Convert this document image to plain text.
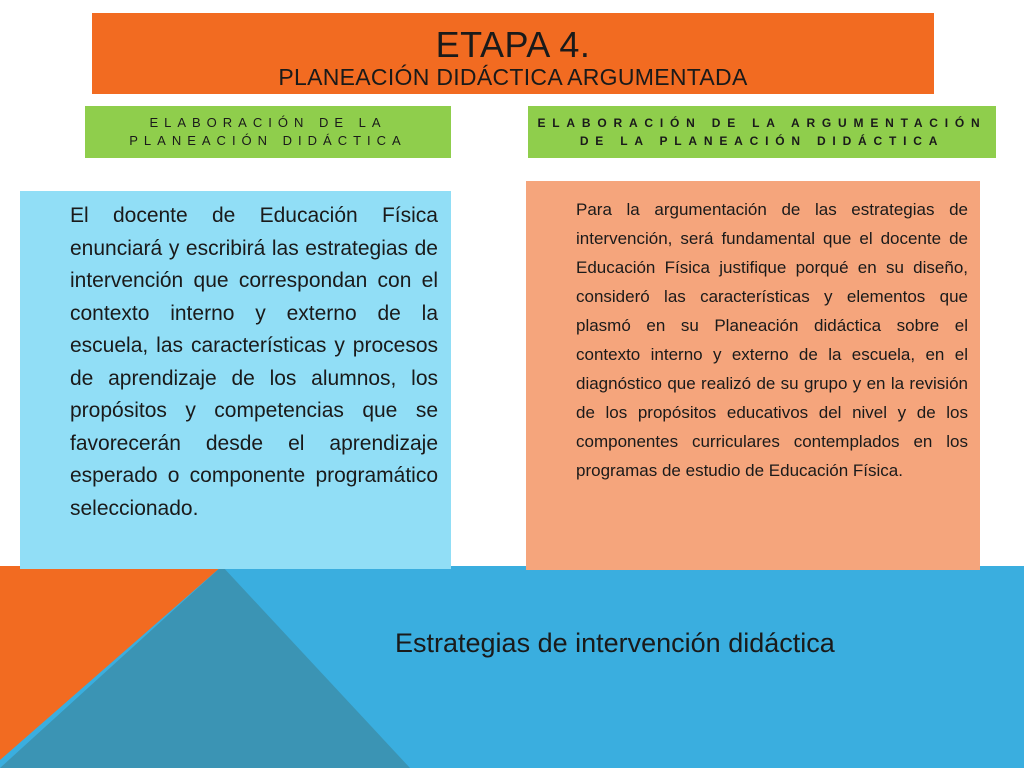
ETAPA 4.
PLANEACIÓN DIDÁCTICA ARGUMENTADA
ELABORACIÓN DE LA PLANEACIÓN DIDÁCTICA
ELABORACIÓN DE LA ARGUMENTACIÓN DE LA PLANEACIÓN DIDÁCTICA
El docente de Educación Física enunciará y escribirá las estrategias de intervención que correspondan con el contexto interno y externo de la escuela, las características y procesos de aprendizaje de los alumnos, los propósitos y competencias que se favorecerán desde el aprendizaje esperado o componente programático seleccionado.
Para la argumentación de las estrategias de intervención, será fundamental que el docente de Educación Física justifique porqué en su diseño, consideró las características y elementos que plasmó en su Planeación didáctica sobre el contexto interno y externo de la escuela, en el diagnóstico que realizó de su grupo y en la revisión de los propósitos educativos del nivel y de los componentes curriculares contemplados en los programas de estudio de Educación Física.
Estrategias de intervención didáctica
